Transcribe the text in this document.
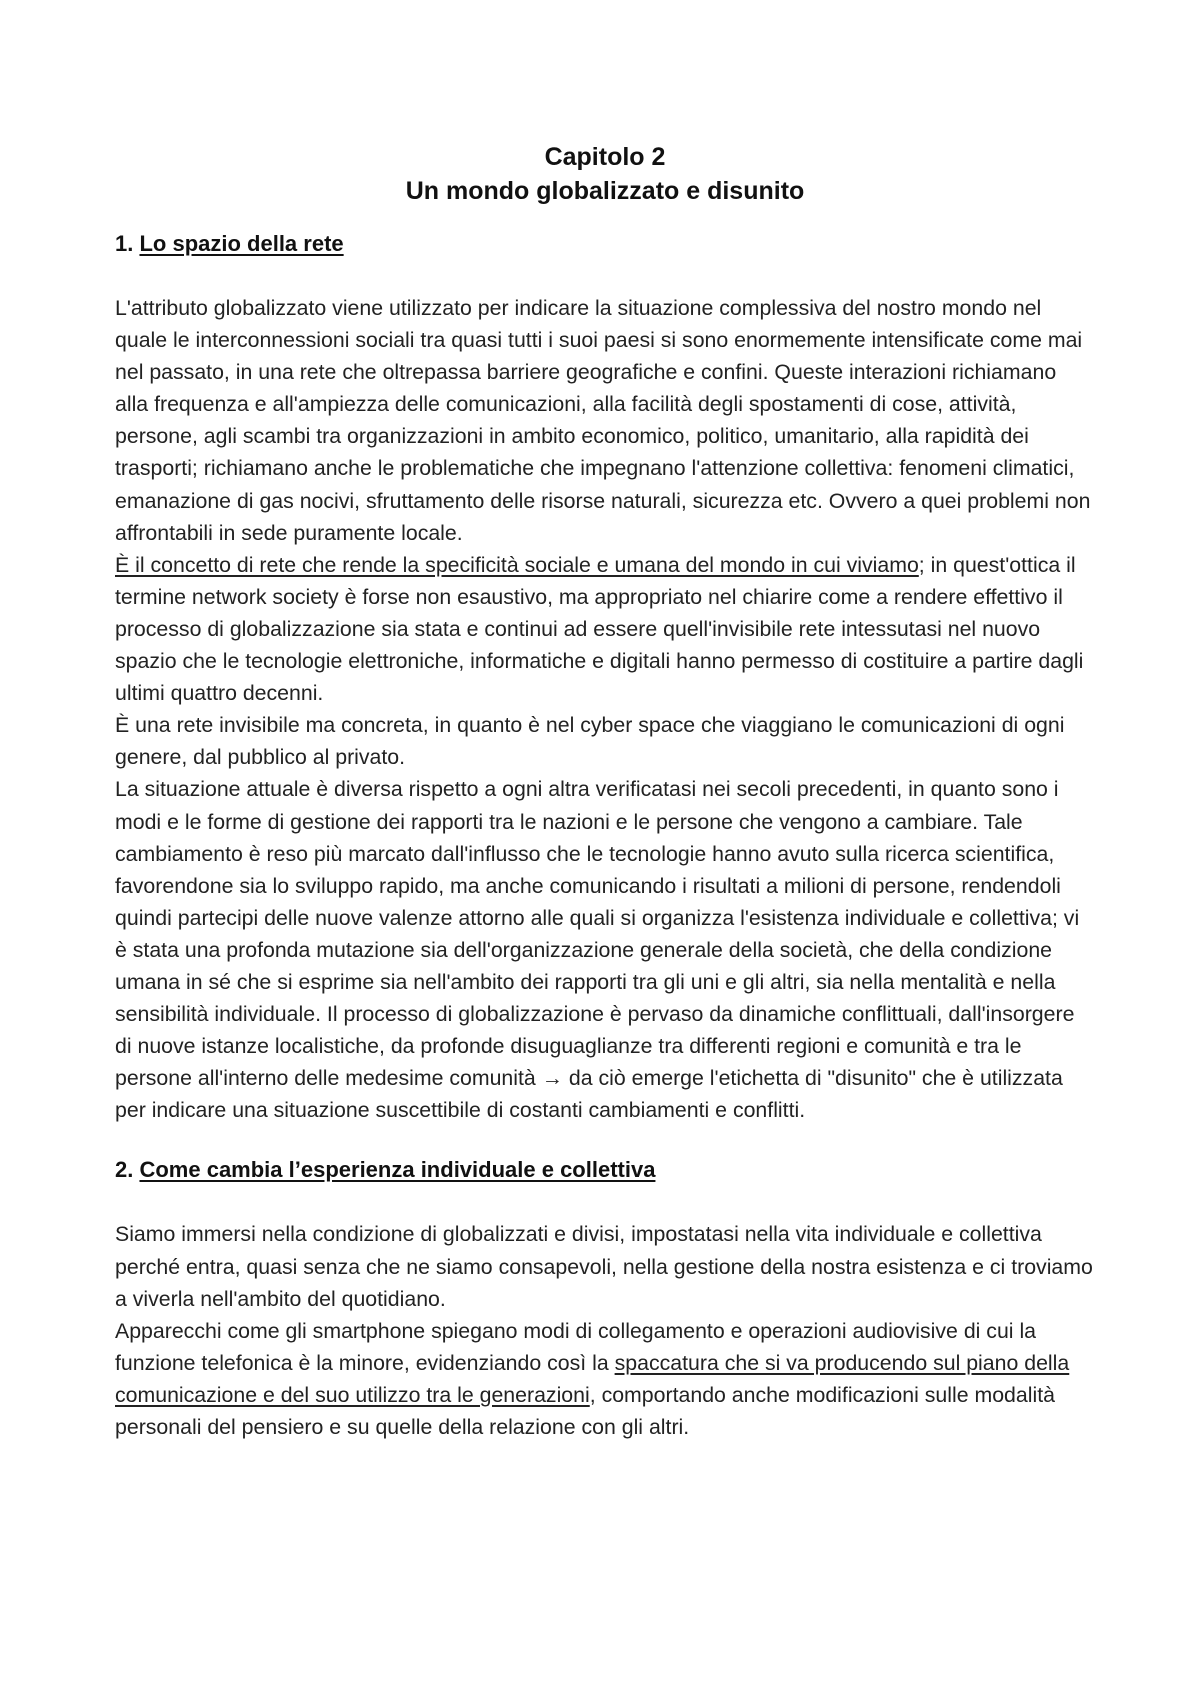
Capitolo 2

Un mondo globalizzato e disunito

1. Lo spazio della rete

L'attributo globalizzato viene utilizzato per indicare la situazione complessiva del nostro mondo nel quale le interconnessioni sociali tra quasi tutti i suoi paesi si sono enormemente intensificate come mai nel passato, in una rete che oltrepassa barriere geografiche e confini. Queste interazioni richiamano alla frequenza e all'ampiezza delle comunicazioni, alla facilità degli spostamenti di cose, attività, persone, agli scambi tra organizzazioni in ambito economico, politico, umanitario, alla rapidità dei trasporti; richiamano anche le problematiche che impegnano l'attenzione collettiva: fenomeni climatici, emanazione di gas nocivi, sfruttamento delle risorse naturali, sicurezza etc. Ovvero a quei problemi non affrontabili in sede puramente locale.

È il concetto di rete che rende la specificità sociale e umana del mondo in cui viviamo; in quest'ottica il termine network society è forse non esaustivo, ma appropriato nel chiarire come a rendere effettivo il processo di globalizzazione sia stata e continui ad essere quell'invisibile rete intessutasi nel nuovo spazio che le tecnologie elettroniche, informatiche e digitali hanno permesso di costituire a partire dagli ultimi quattro decenni.

È una rete invisibile ma concreta, in quanto è nel cyber space che viaggiano le comunicazioni di ogni genere, dal pubblico al privato.

La situazione attuale è diversa rispetto a ogni altra verificatasi nei secoli precedenti, in quanto sono i modi e le forme di gestione dei rapporti tra le nazioni e le persone che vengono a cambiare. Tale cambiamento è reso più marcato dall'influsso che le tecnologie hanno avuto sulla ricerca scientifica, favorendone sia lo sviluppo rapido, ma anche comunicando i risultati a milioni di persone, rendendoli quindi partecipi delle nuove valenze attorno alle quali si organizza l'esistenza individuale e collettiva; vi è stata una profonda mutazione sia dell'organizzazione generale della società, che della condizione umana in sé che si esprime sia nell'ambito dei rapporti tra gli uni e gli altri, sia nella mentalità e nella sensibilità individuale. Il processo di globalizzazione è pervaso da dinamiche conflittuali, dall'insorgere di nuove istanze localistiche, da profonde disuguaglianze tra differenti regioni e comunità e tra le persone all'interno delle medesime comunità → da ciò emerge l'etichetta di "disunito" che è utilizzata per indicare una situazione suscettibile di costanti cambiamenti e conflitti.

2. Come cambia l’esperienza individuale e collettiva

Siamo immersi nella condizione di globalizzati e divisi, impostatasi nella vita individuale e collettiva perché entra, quasi senza che ne siamo consapevoli, nella gestione della nostra esistenza e ci troviamo a viverla nell'ambito del quotidiano.

Apparecchi come gli smartphone spiegano modi di collegamento e operazioni audiovisive di cui la funzione telefonica è la minore, evidenziando così la spaccatura che si va producendo sul piano della comunicazione e del suo utilizzo tra le generazioni, comportando anche modificazioni sulle modalità personali del pensiero e su quelle della relazione con gli altri.
